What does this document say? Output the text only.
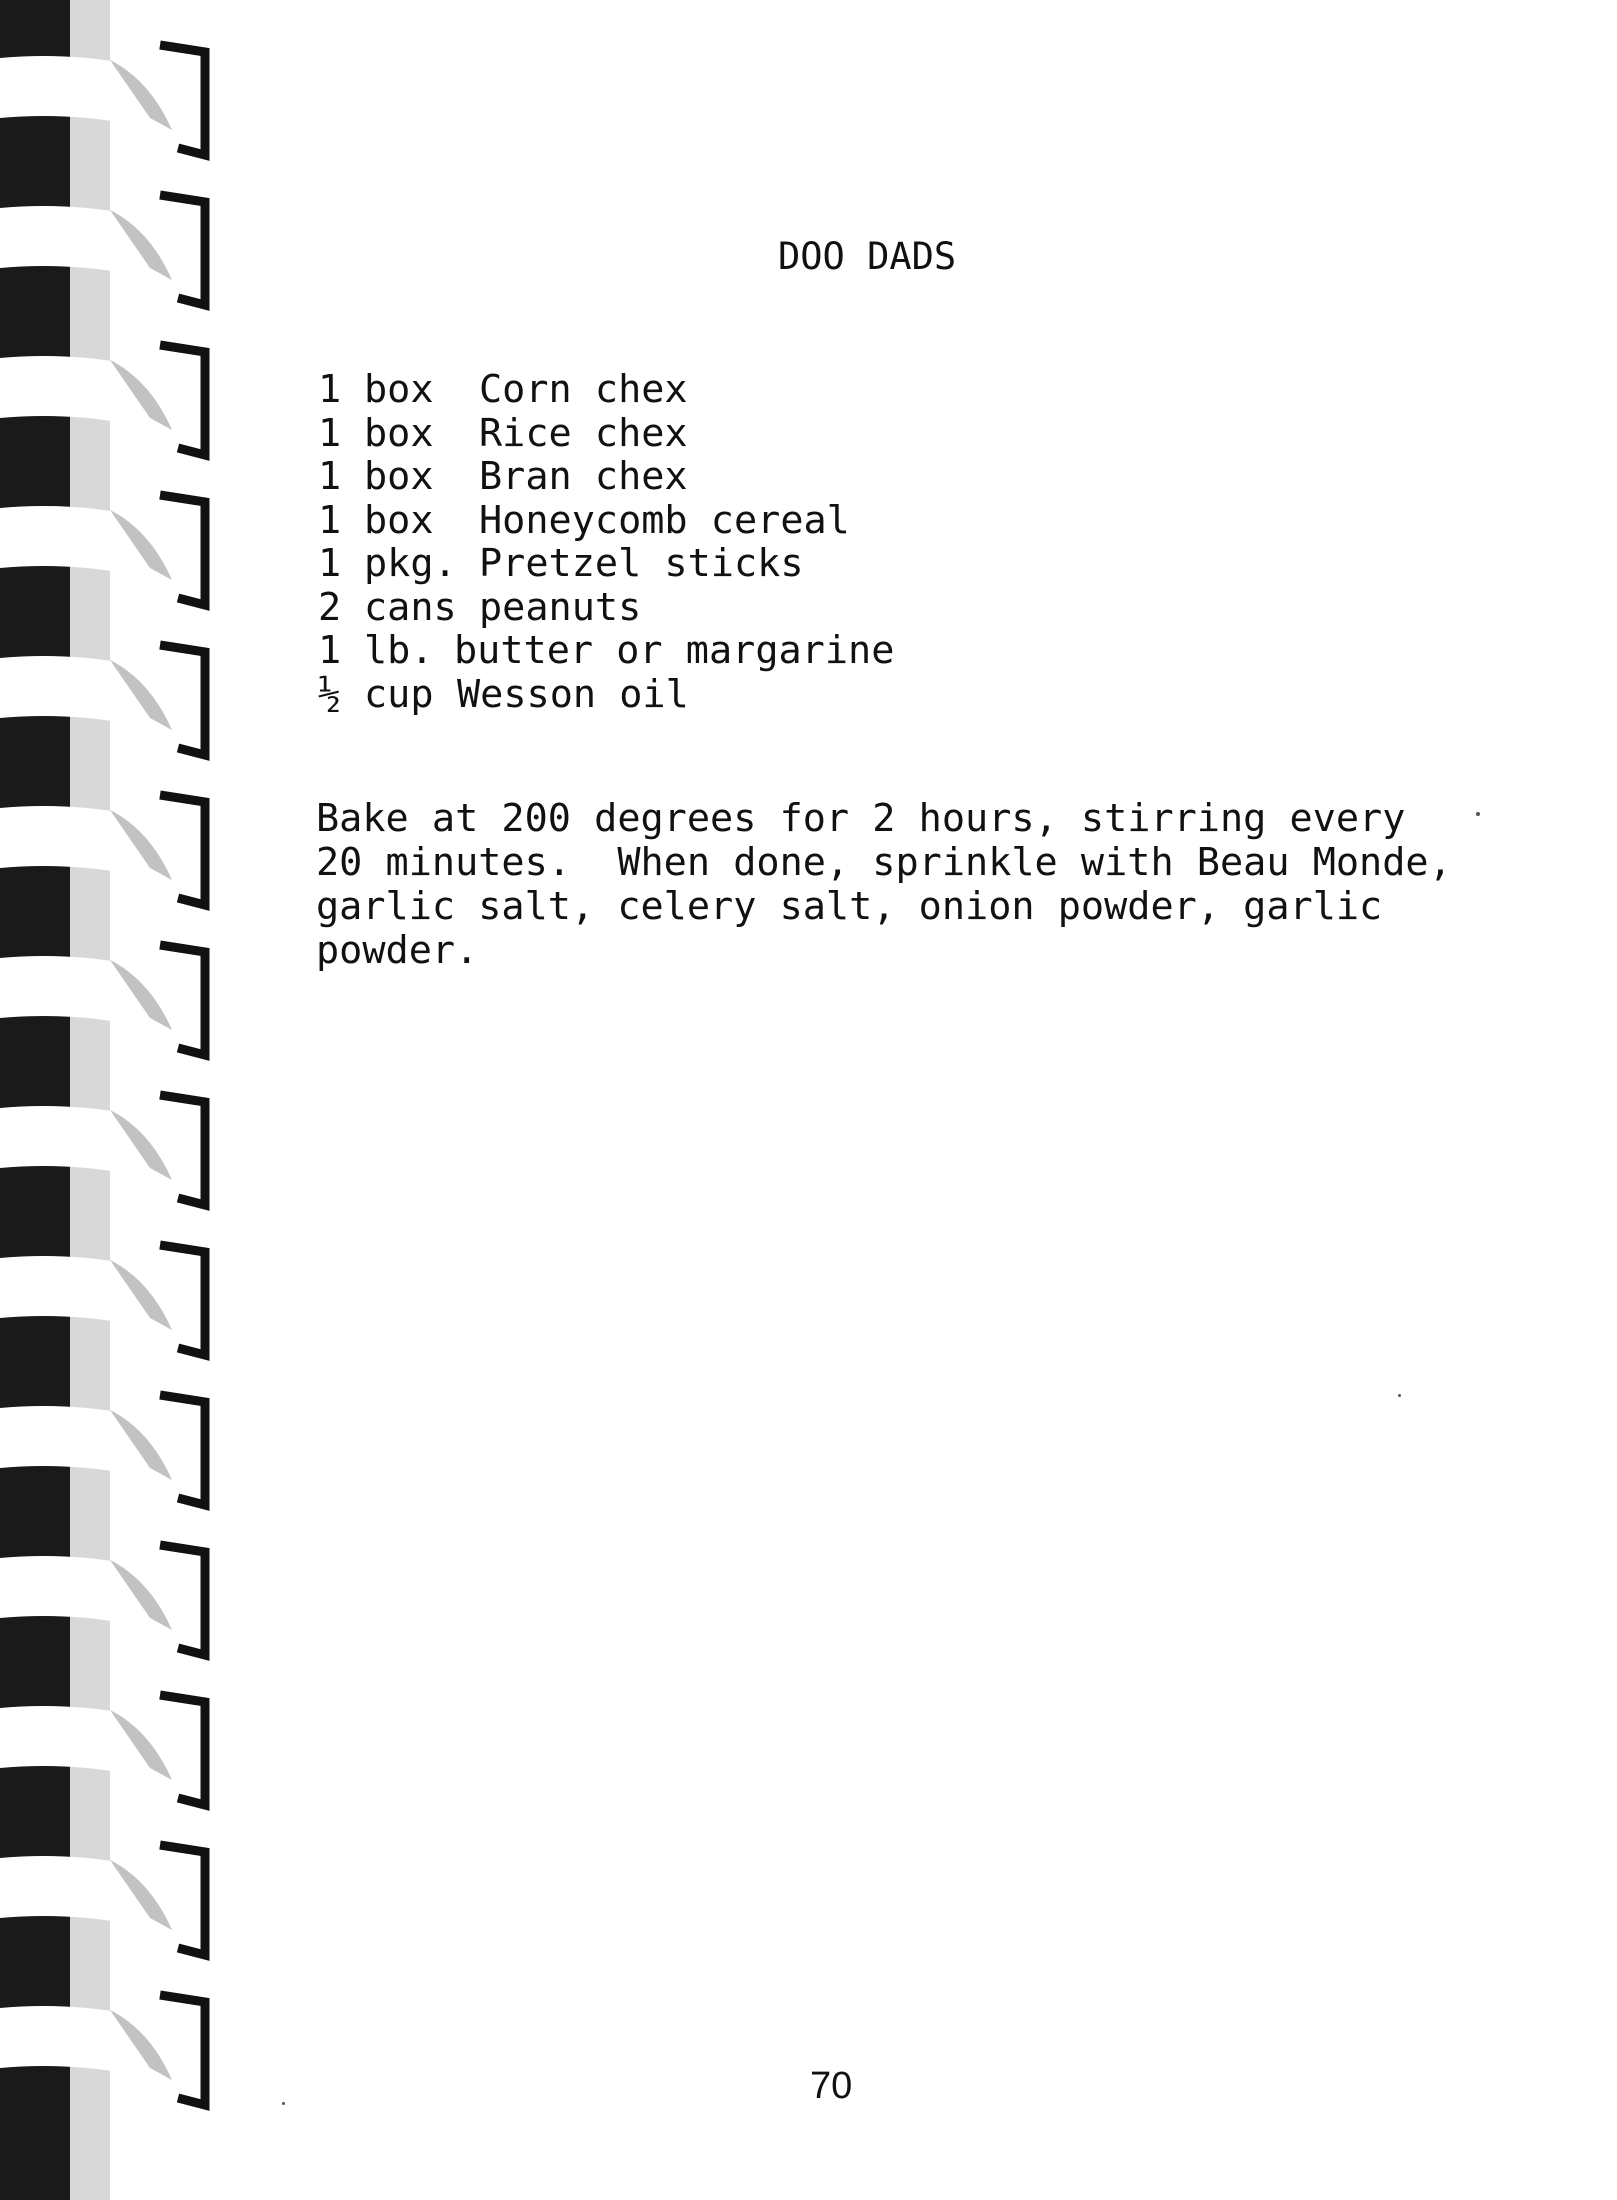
DOO DADS
1 box Corn chex
1 box Rice chex
1 box Bran chex
1 box Honeycomb cereal
1 pkg. Pretzel sticks
2 cans peanuts
1 lb. butter or margarine
½ cup Wesson oil

Bake at 200 degrees for 2 hours, stirring every
20 minutes.  When done, sprinkle with Beau Monde,
garlic salt, celery salt, onion powder, garlic
powder.

70
